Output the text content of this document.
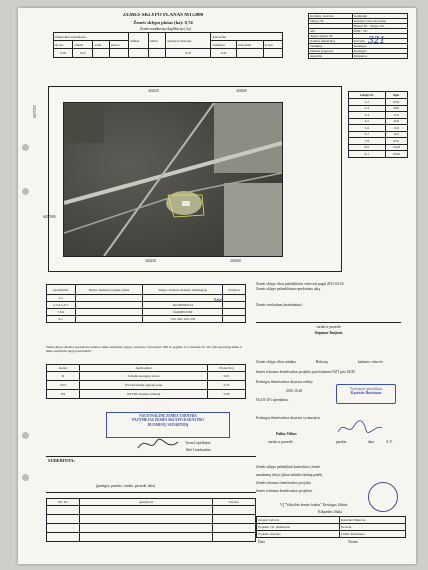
ŽEMĖS SKLYPO PLANAS M1:5000
Žemės sklypo plotas (ha): 0,74
Žemės naudmenų eksplikacija ( ha)
Žemės ūkio naudmenos				miškai	keliai	užstatyta teritorija	Kita žemė		
iš viso	ariama	sodai	pievos				vandenys	kita žemė	iš viso
0,26	0,25					0,07	0,47		
Kadastro vietovės	Sudmantų
Sklypo Nr.	Kadastro vietovės kodas
	Blokas Nr. / Sklypo Nr.
432	0009 / 321
Apskr. miesto Nr.	
Kaimas (miestelis)	Tarvydų
Seniūnija	Kretingos
Miestas (rajonas)	Kretingos
Apskritis	Klaipėdos
321
326250	326500
6207250
6207000
326250	326500
Linijų Nr.	Ilgis
1-2	53,6
2-3	58,0
3-4	11,0
4-5	45,0
5-6	13,0
6-7	16,5
7-8	43,5
8-9	132,8
9-1	103,0
Gretimybės	Sklypo numeris projekto plane	Sklypo numeris kadastro žemėlapyje	Pastabos
1-2			
2-3-4-5-6-7		Sud:0009:0134	
7-8-9		0440009:0160	
9-1		150, 226, 229, 239	
Kelias
Žemės sklypo ribos paženklintos vietovėje pagal 2011-04-26
Žemės sklypo paženklinimo-perdavimo aktą.
Žemės sveikatinas (matininkas):
vardas ir pavardė
Stepanas Tunjenis
Žemės sklype taikomos specialiosios žemės ir miško naudojimo sąlygos, nustatytos Vyriausybės 1992 m. gegužės 12 d. nutarimu Nr. 343 „Dėl specialiųjų žemės ir miško naudojimo sąlygų patvirtinimo"
Kodas	Apribojimai	Plotas (ha)
II	II-Kelių apsaugos zonos	0,01
XVI	XVI-Karstinių regionų zona	0,74
XX	XXVIII-Vandens telkinių	0,28
Žemės sklypo ribos atitinka	Riduotų	kadastro vietovės
žemės reformos žemėtvarkos projekte, patvirtintame NŽT prie ŽŪM
Kretingos žemėtvarkos skyriaus vedėjo
2010.10.20
Nr.ŽA-291 sprendimu.
Vyresnysis specialistas
Kęstutis Butrimas
Kretingos žemėtvarkos skyriaus vyriausiasis
Dalius Vitkus
vardas ir pavardė	parašas	data	A.V.
NACIONALINĖ ŽEMĖS TARNYBA
PAŽYMĖJAS ŽEMĖS SKLYPO KADASTRO
DUOMENŲ SUDARYMĄ
Irena Lepeškienė
Jūrė Liuzdauskas
SUDERINTA:
(pareigos, parašas, vardas, pavardė, data)
Žemės sklypo paženklinti kontrolinei, žemės
naudmenų ribų ir plotai atitinka faktinę padėtį
Žemės reformos žemėtvarkos projekto
žemės reformos žemėtvarkos projektui.
VĮ "Valstybės žemės fondas" Kretingos filialas
Klaipėdos filiala
Eil. Nr.	apsuktyvis	Parašas

Grupės vadovas	Robertas Nikšovas
Projekto vyr. inžinierius	Pavardė
Projekto autorius	Cindrė Petrauskas
Data	Vienas
